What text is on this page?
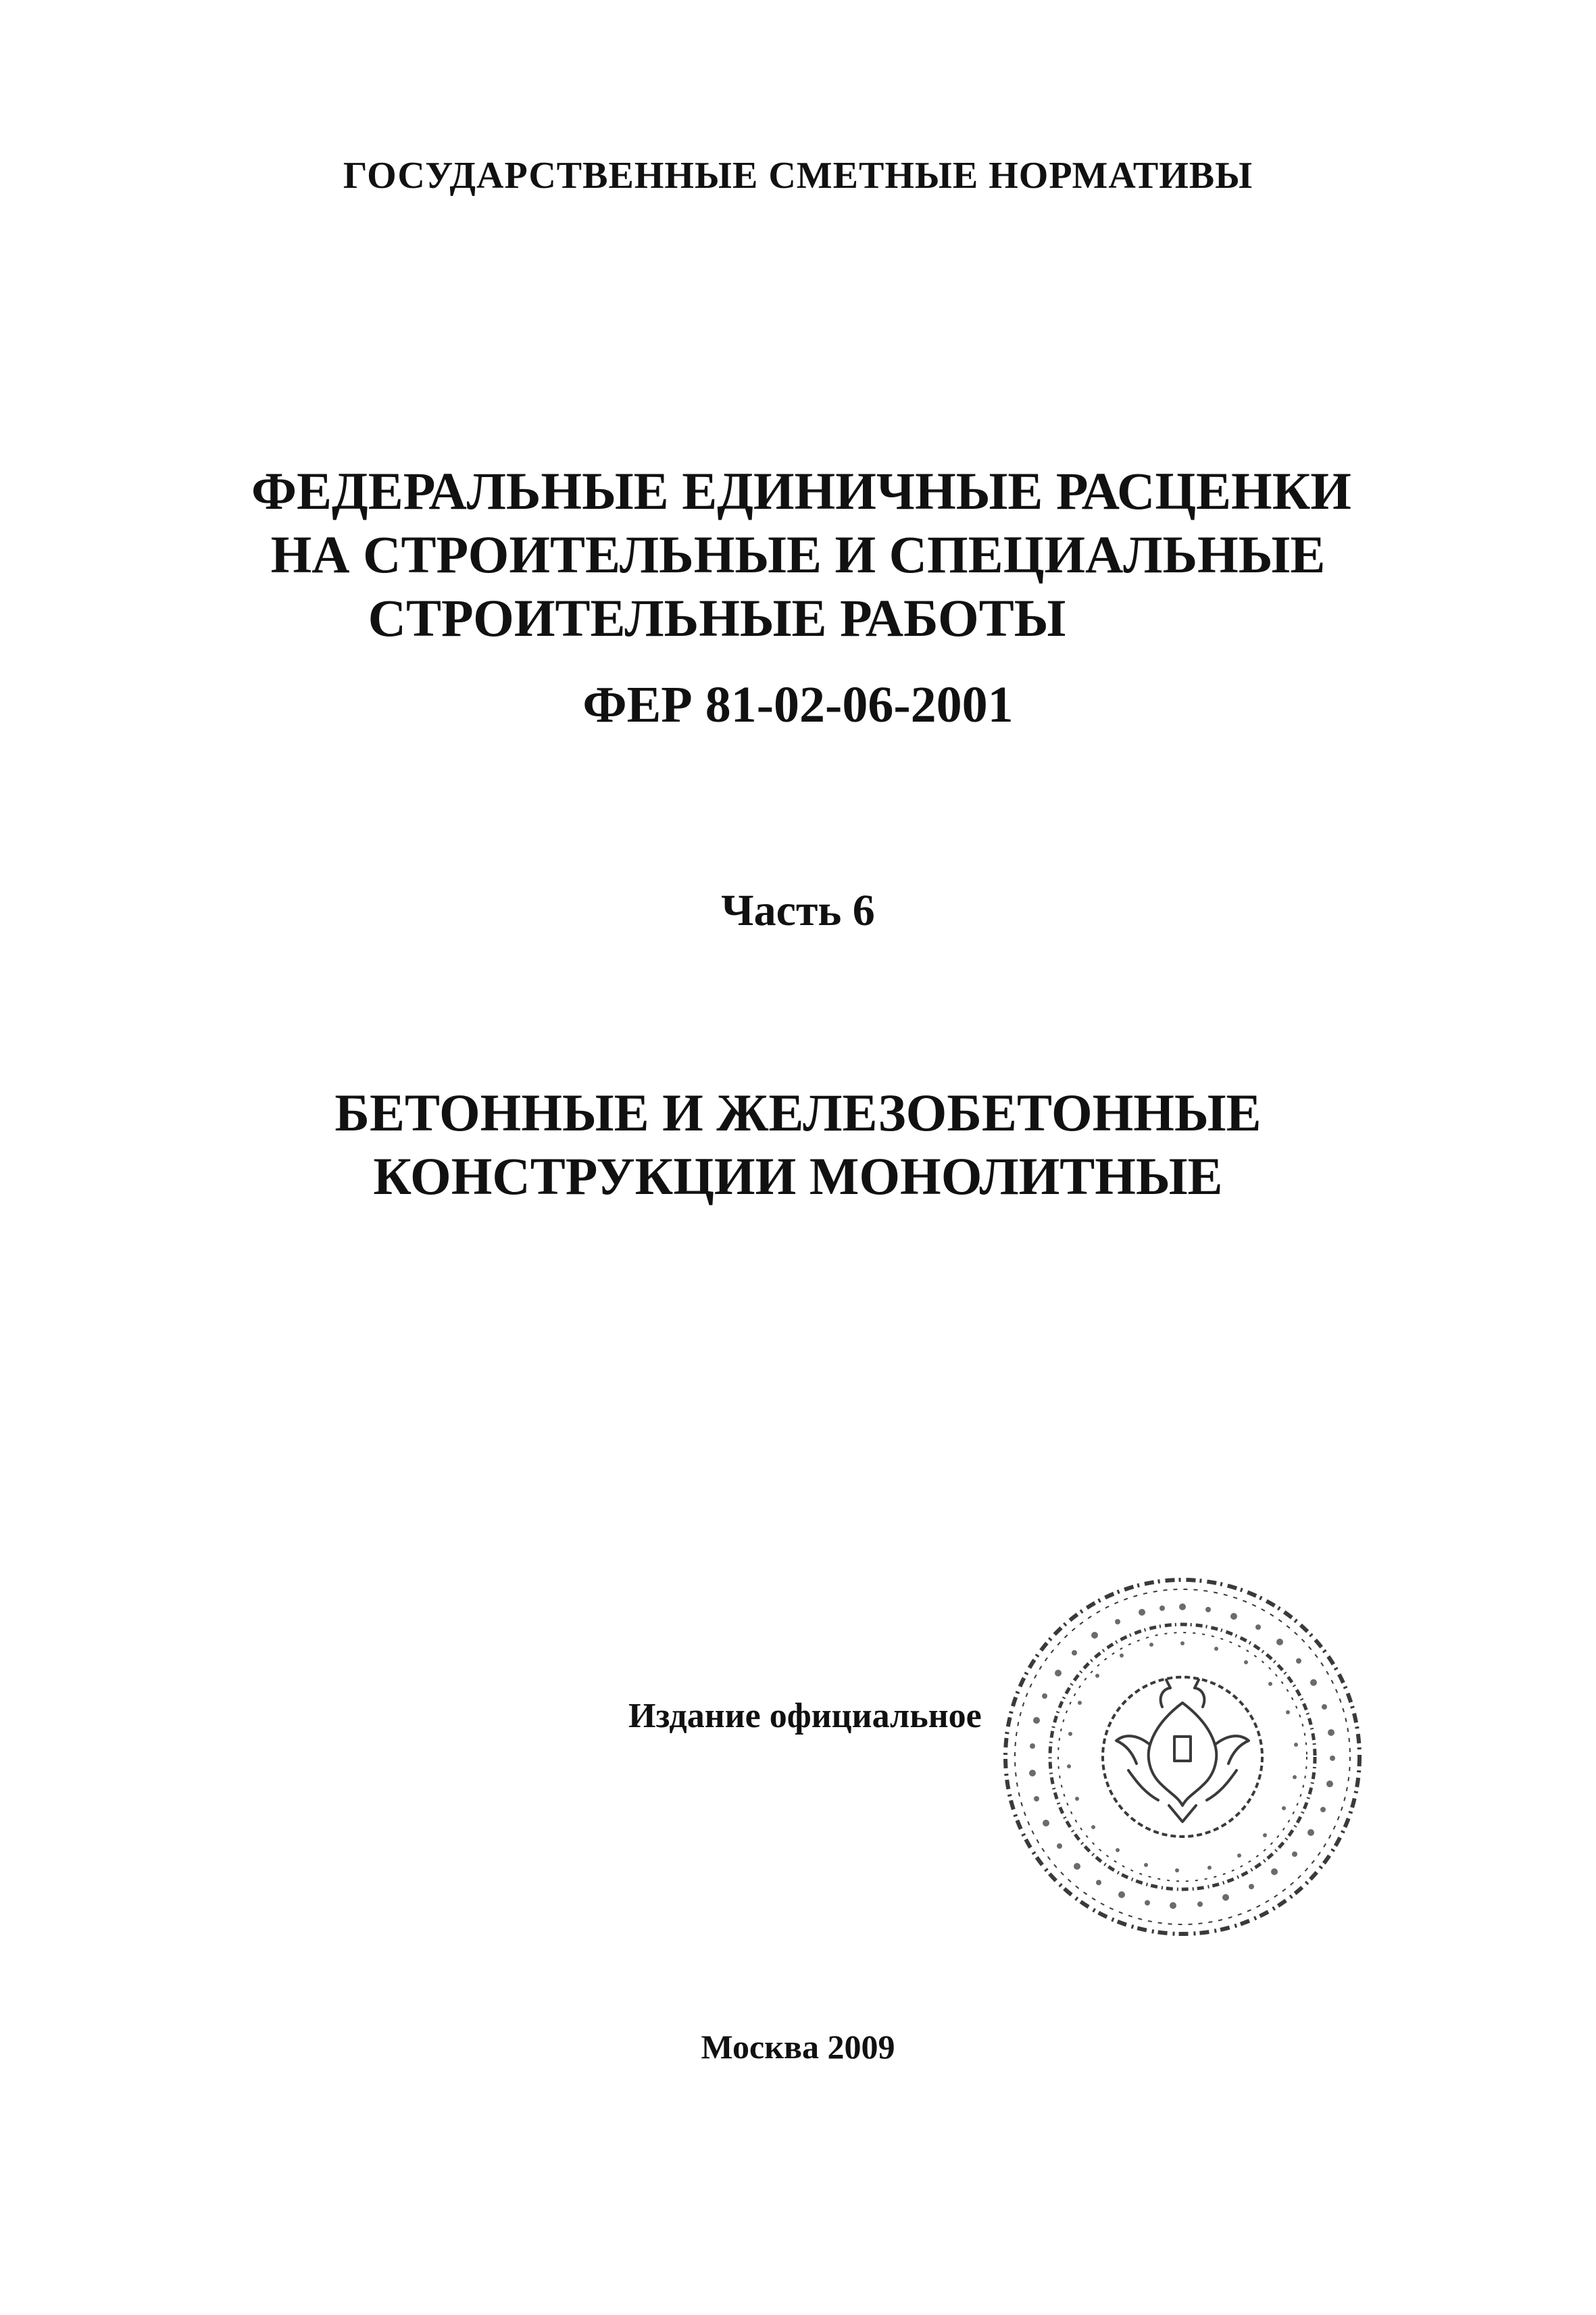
ГОСУДАРСТВЕННЫЕ СМЕТНЫЕ НОРМАТИВЫ
ФЕДЕРАЛЬНЫЕ ЕДИНИЧНЫЕ РАСЦЕНКИ
НА СТРОИТЕЛЬНЫЕ И СПЕЦИАЛЬНЫЕ
СТРОИТЕЛЬНЫЕ РАБОТЫ
ФЕР 81-02-06-2001
Часть 6
БЕТОННЫЕ И ЖЕЛЕЗОБЕТОННЫЕ
КОНСТРУКЦИИ МОНОЛИТНЫЕ
Издание официальное
Москва 2009
